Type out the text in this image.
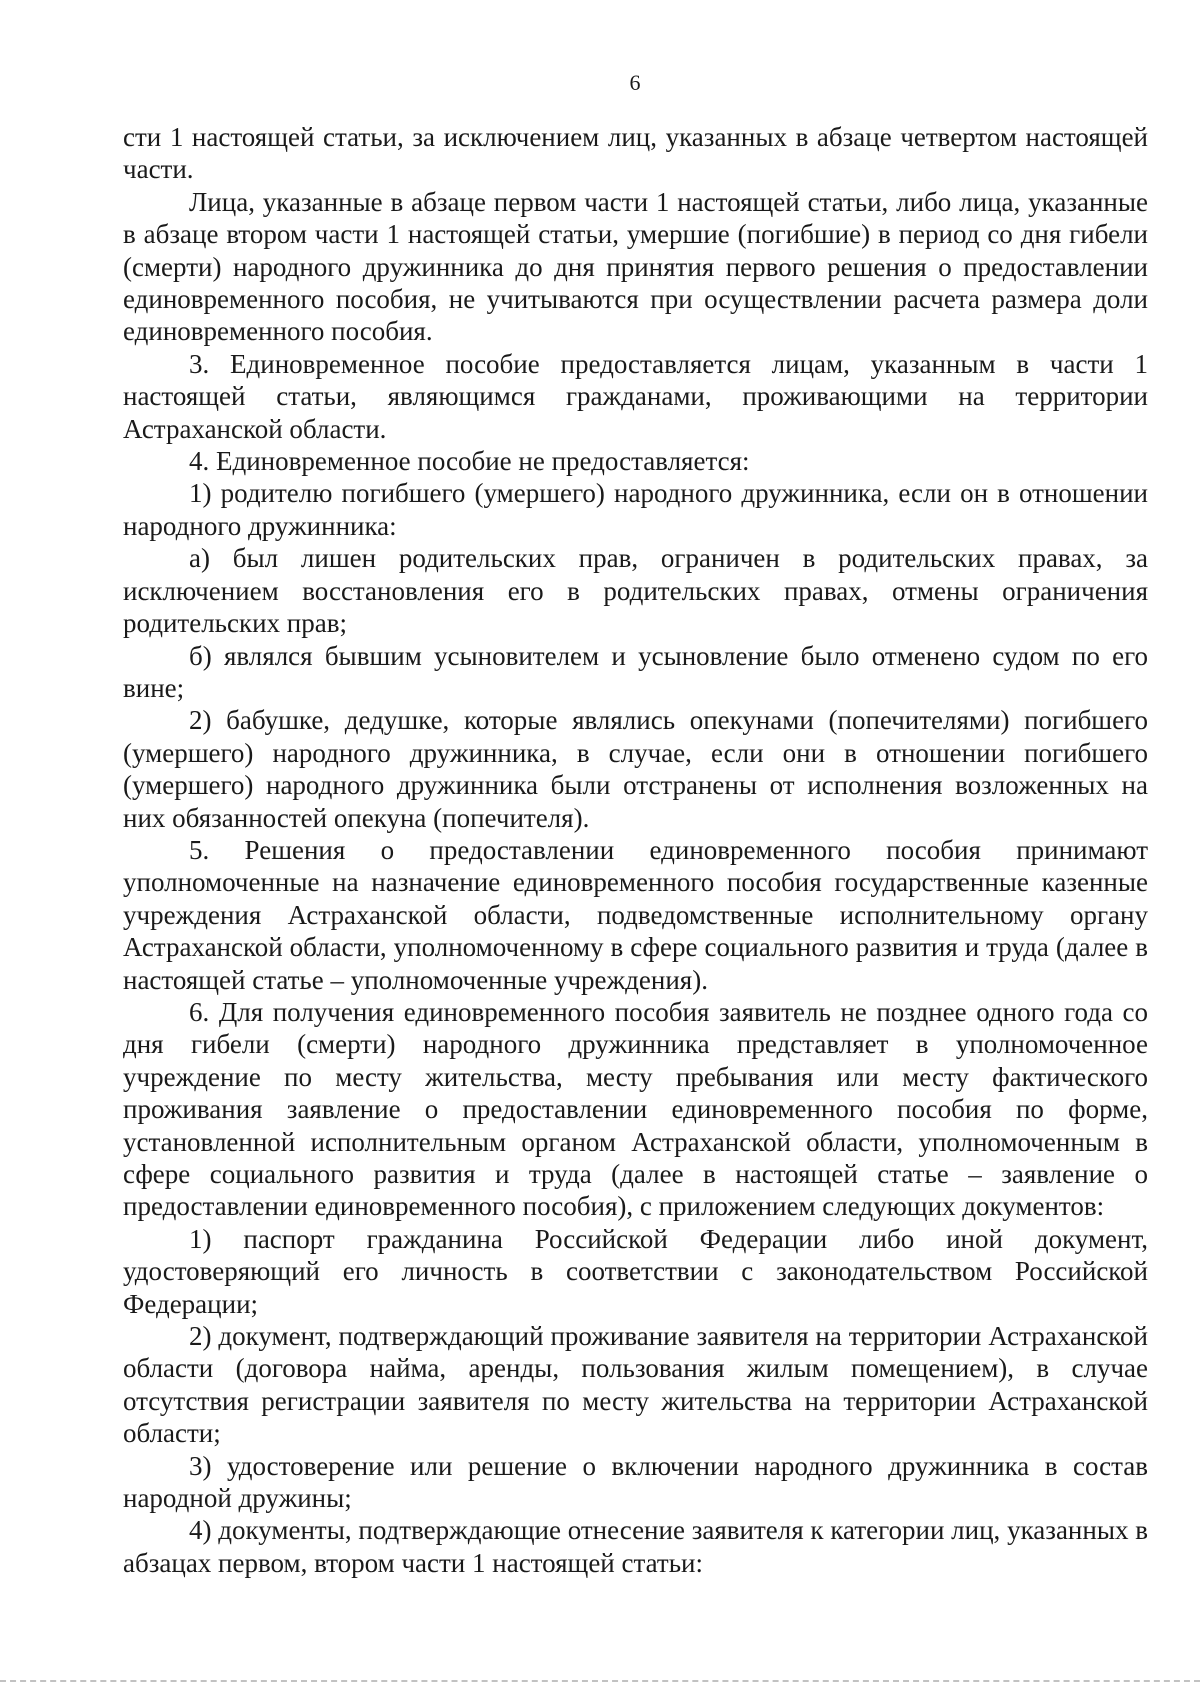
6

сти 1 настоящей статьи, за исключением лиц, указанных в абзаце четвертом настоящей части.

Лица, указанные в абзаце первом части 1 настоящей статьи, либо лица, указанные в абзаце втором части 1 настоящей статьи, умершие (погибшие) в период со дня гибели (смерти) народного дружинника до дня принятия первого решения о предоставлении единовременного пособия, не учитываются при осуществлении расчета размера доли единовременного пособия.

3. Единовременное пособие предоставляется лицам, указанным в части 1 настоящей статьи, являющимся гражданами, проживающими на территории Астраханской области.

4. Единовременное пособие не предоставляется:

1) родителю погибшего (умершего) народного дружинника, если он в отношении народного дружинника:

а) был лишен родительских прав, ограничен в родительских правах, за исключением восстановления его в родительских правах, отмены ограничения родительских прав;

б) являлся бывшим усыновителем и усыновление было отменено судом по его вине;

2) бабушке, дедушке, которые являлись опекунами (попечителями) погибшего (умершего) народного дружинника, в случае, если они в отношении погибшего (умершего) народного дружинника были отстранены от исполнения возложенных на них обязанностей опекуна (попечителя).

5. Решения о предоставлении единовременного пособия принимают уполномоченные на назначение единовременного пособия государственные казенные учреждения Астраханской области, подведомственные исполнительному органу Астраханской области, уполномоченному в сфере социального развития и труда (далее в настоящей статье – уполномоченные учреждения).

6. Для получения единовременного пособия заявитель не позднее одного года со дня гибели (смерти) народного дружинника представляет в уполномоченное учреждение по месту жительства, месту пребывания или месту фактического проживания заявление о предоставлении единовременного пособия по форме, установленной исполнительным органом Астраханской области, уполномоченным в сфере социального развития и труда (далее в настоящей статье – заявление о предоставлении единовременного пособия), с приложением следующих документов:

1) паспорт гражданина Российской Федерации либо иной документ, удостоверяющий его личность в соответствии с законодательством Российской Федерации;

2) документ, подтверждающий проживание заявителя на территории Астраханской области (договора найма, аренды, пользования жилым помещением), в случае отсутствия регистрации заявителя по месту жительства на территории Астраханской области;

3) удостоверение или решение о включении народного дружинника в состав народной дружины;

4) документы, подтверждающие отнесение заявителя к категории лиц, указанных в абзацах первом, втором части 1 настоящей статьи:
